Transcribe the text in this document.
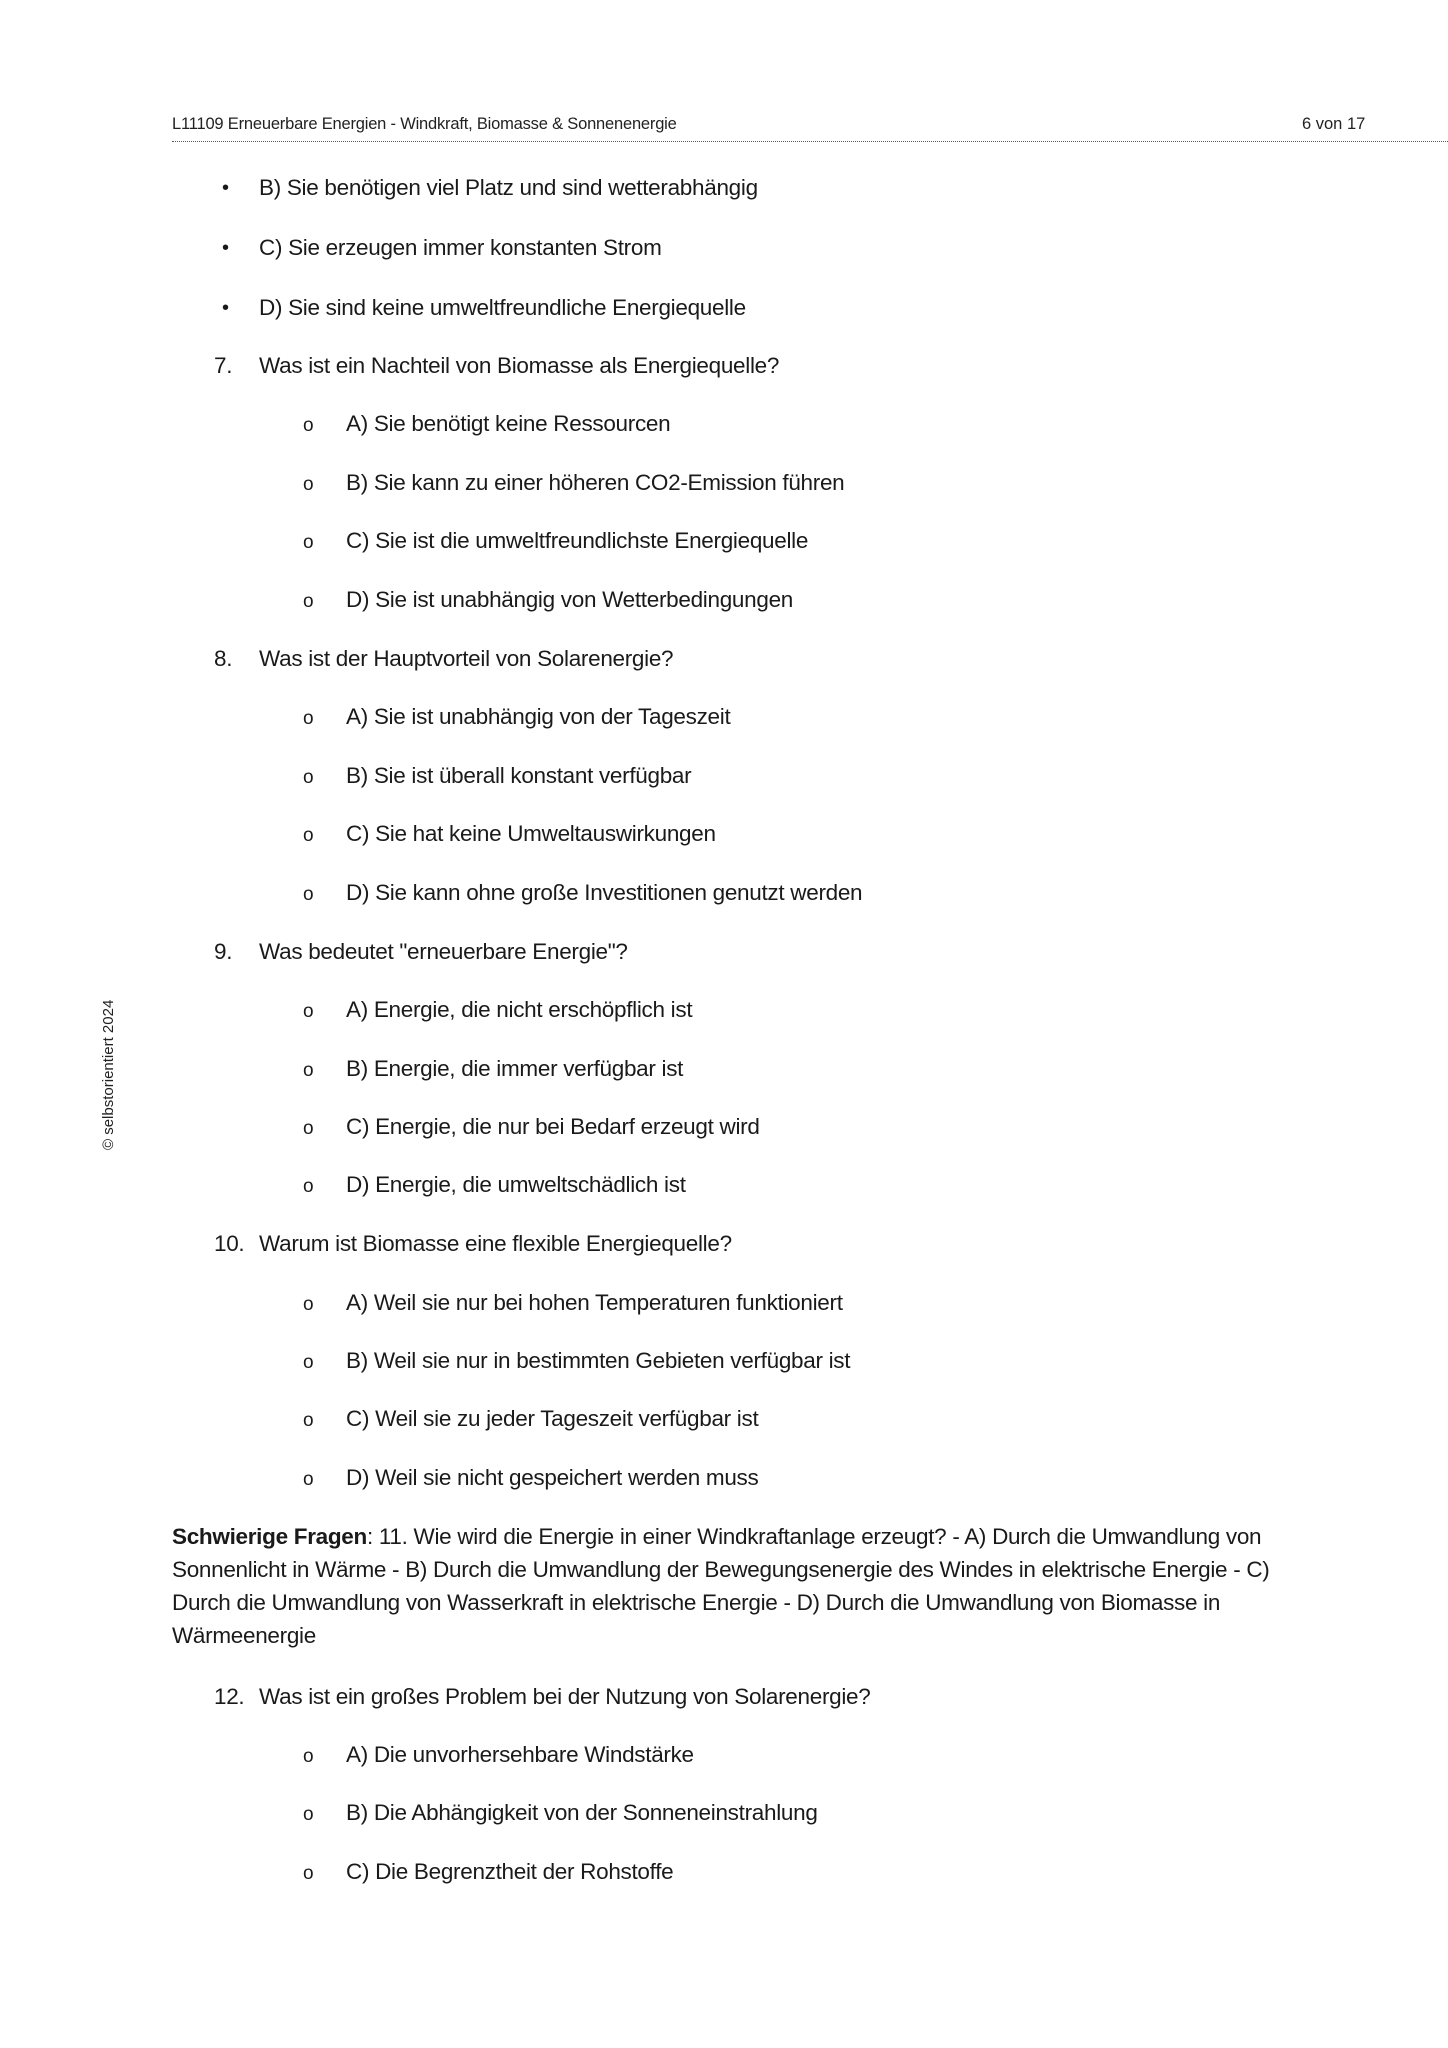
L11109 Erneuerbare Energien - Windkraft, Biomasse & Sonnenenergie	6 von 17
© selbstorientiert 2024
• B) Sie benötigen viel Platz und sind wetterabhängig
• C) Sie erzeugen immer konstanten Strom
• D) Sie sind keine umweltfreundliche Energiequelle
7. Was ist ein Nachteil von Biomasse als Energiequelle?
o A) Sie benötigt keine Ressourcen
o B) Sie kann zu einer höheren CO2-Emission führen
o C) Sie ist die umweltfreundlichste Energiequelle
o D) Sie ist unabhängig von Wetterbedingungen
8. Was ist der Hauptvorteil von Solarenergie?
o A) Sie ist unabhängig von der Tageszeit
o B) Sie ist überall konstant verfügbar
o C) Sie hat keine Umweltauswirkungen
o D) Sie kann ohne große Investitionen genutzt werden
9. Was bedeutet "erneuerbare Energie"?
o A) Energie, die nicht erschöpflich ist
o B) Energie, die immer verfügbar ist
o C) Energie, die nur bei Bedarf erzeugt wird
o D) Energie, die umweltschädlich ist
10. Warum ist Biomasse eine flexible Energiequelle?
o A) Weil sie nur bei hohen Temperaturen funktioniert
o B) Weil sie nur in bestimmten Gebieten verfügbar ist
o C) Weil sie zu jeder Tageszeit verfügbar ist
o D) Weil sie nicht gespeichert werden muss
Schwierige Fragen: 11. Wie wird die Energie in einer Windkraftanlage erzeugt? - A) Durch die Umwandlung von Sonnenlicht in Wärme - B) Durch die Umwandlung der Bewegungsenergie des Windes in elektrische Energie - C) Durch die Umwandlung von Wasserkraft in elektrische Energie - D) Durch die Umwandlung von Biomasse in Wärmeenergie
12. Was ist ein großes Problem bei der Nutzung von Solarenergie?
o A) Die unvorhersehbare Windstärke
o B) Die Abhängigkeit von der Sonneneinstrahlung
o C) Die Begrenztheit der Rohstoffe
